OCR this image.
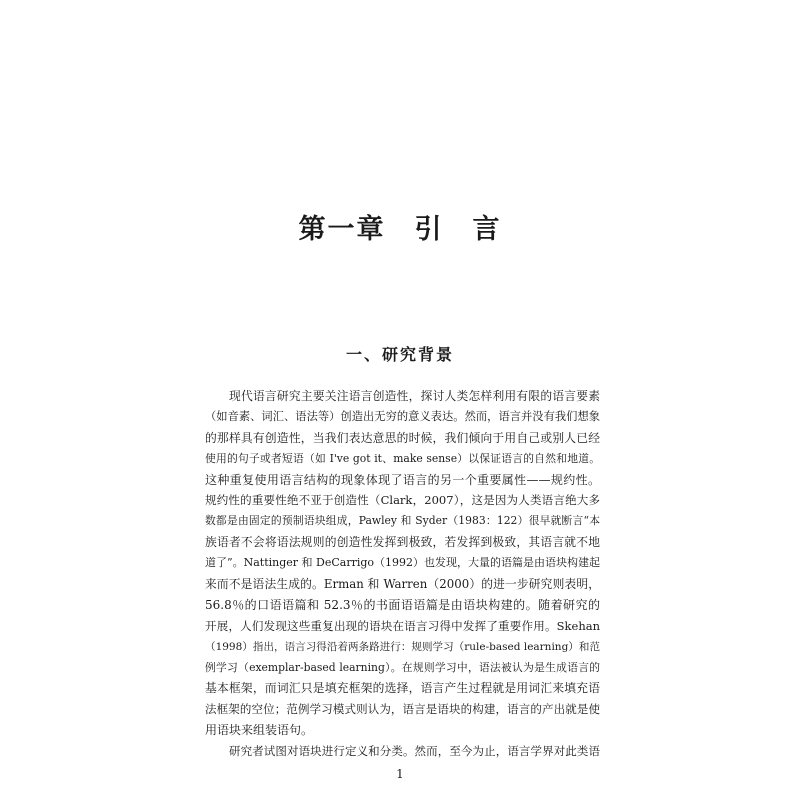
第一章　引　言
一、研究背景
现代语言研究主要关注语言创造性，探讨人类怎样利用有限的语言要素
（如音素、词汇、语法等）创造出无穷的意义表达。然而，语言并没有我们想象
的那样具有创造性，当我们表达意思的时候，我们倾向于用自己或别人已经
使用的句子或者短语（如 I've got it、make sense）以保证语言的自然和地道。
这种重复使用语言结构的现象体现了语言的另一个重要属性——规约性。
规约性的重要性绝不亚于创造性（Clark，2007），这是因为人类语言绝大多
数都是由固定的预制语块组成，Pawley 和 Syder（1983：122）很早就断言“本
族语者不会将语法规则的创造性发挥到极致，若发挥到极致，其语言就不地
道了”。Nattinger 和 DeCarrigo（1992）也发现，大量的语篇是由语块构建起
来而不是语法生成的。Erman 和 Warren（2000）的进一步研究则表明，
56.8％的口语语篇和 52.3％的书面语语篇是由语块构建的。随着研究的
开展，人们发现这些重复出现的语块在语言习得中发挥了重要作用。Skehan
（1998）指出，语言习得沿着两条路进行：规则学习（rule-based learning）和范
例学习（exemplar-based learning）。在规则学习中，语法被认为是生成语言的
基本框架，而词汇只是填充框架的选择，语言产生过程就是用词汇来填充语
法框架的空位；范例学习模式则认为，语言是语块的构建，语言的产出就是使
用语块来组装语句。
研究者试图对语块进行定义和分类。然而，至今为止，语言学界对此类语
1
